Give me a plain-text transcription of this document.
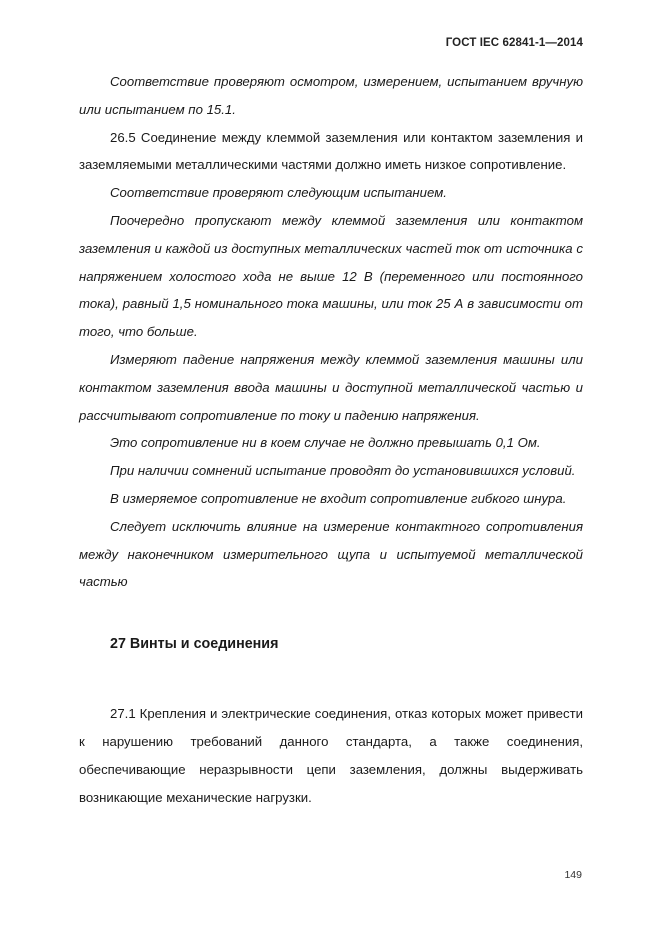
ГОСТ IEC 62841-1—2014

Соответствие проверяют осмотром, измерением, испытанием вручную или испытанием по 15.1.

26.5 Соединение между клеммой заземления или контактом заземления и заземляемыми металлическими частями должно иметь низкое сопротивление.

Соответствие проверяют следующим испытанием.

Поочередно пропускают между клеммой заземления или контактом заземления и каждой из доступных металлических частей ток от источника с напряжением холостого хода не выше 12 В (переменного или постоянного тока), равный 1,5 номинального тока машины, или ток 25 А в зависимости от того, что больше.

Измеряют падение напряжения между клеммой заземления машины или контактом заземления ввода машины и доступной металлической частью и рассчитывают сопротивление по току и падению напряжения.

Это сопротивление ни в коем случае не должно превышать 0,1 Ом.

При наличии сомнений испытание проводят до установившихся условий.

В измеряемое сопротивление не входит сопротивление гибкого шнура.

Следует исключить влияние на измерение контактного сопротивления между наконечником измерительного щупа и испытуемой металлической частью

27 Винты и соединения

27.1 Крепления и электрические соединения, отказ которых может привести к нарушению требований данного стандарта, а также соединения, обеспечивающие неразрывности цепи заземления, должны выдерживать возникающие механические нагрузки.

149
